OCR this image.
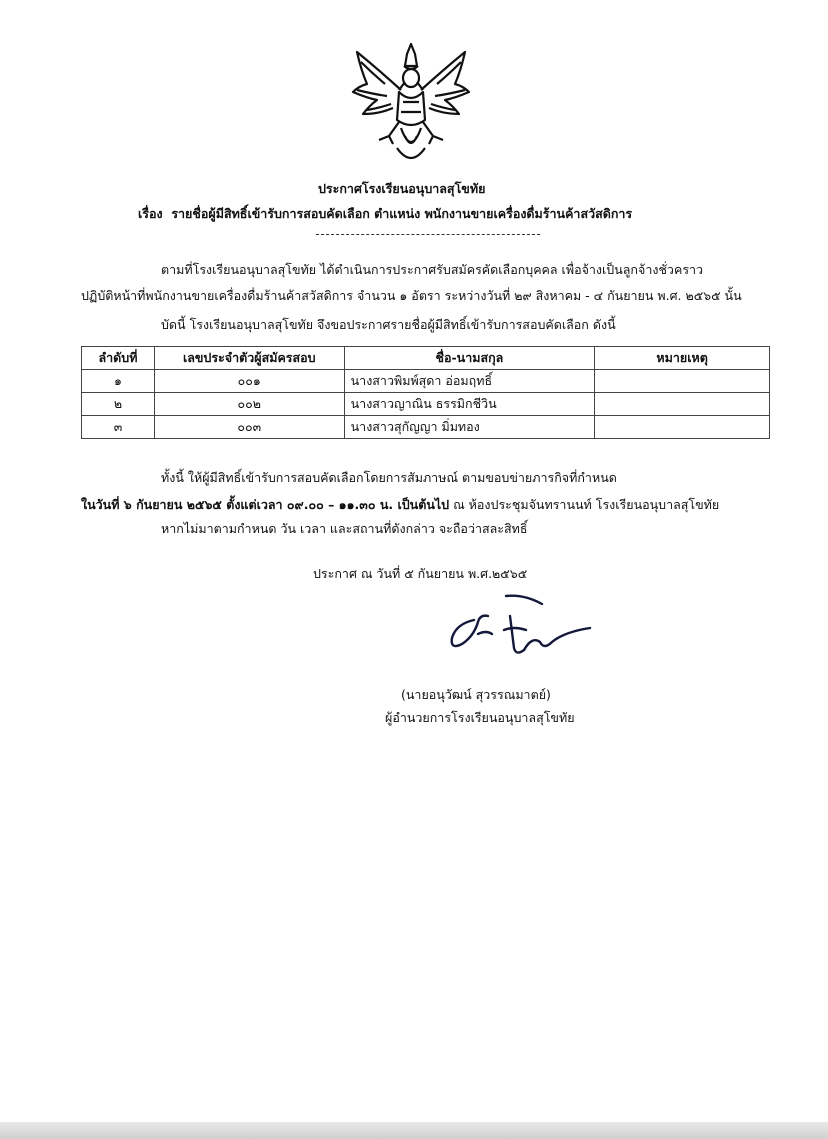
ประกาศโรงเรียนอนุบาลสุโขทัย
เรื่อง รายชื่อผู้มีสิทธิ์เข้ารับการสอบคัดเลือก ตำแหน่ง พนักงานขายเครื่องดื่มร้านค้าสวัสดิการ
ตามที่โรงเรียนอนุบาลสุโขทัย ได้ดำเนินการประกาศรับสมัครคัดเลือกบุคคล เพื่อจ้างเป็นลูกจ้างชั่วคราว
ปฏิบัติหน้าที่พนักงานขายเครื่องดื่มร้านค้าสวัสดิการ จำนวน ๑ อัตรา ระหว่างวันที่ ๒๙ สิงหาคม - ๔ กันยายน พ.ศ. ๒๕๖๕ นั้น
บัดนี้ โรงเรียนอนุบาลสุโขทัย จึงขอประกาศรายชื่อผู้มีสิทธิ์เข้ารับการสอบคัดเลือก ดังนี้
ลำดับที่	เลขประจำตัวผู้สมัครสอบ	ชื่อ-นามสกุล	หมายเหตุ
๑	๐๐๑	นางสาวพิมพ์สุดา อ่อมฤทธิ์	
๒	๐๐๒	นางสาวญาณิน ธรรมิกชีวิน	
๓	๐๐๓	นางสาวสุกัญญา มิ่มทอง	
ทั้งนี้ ให้ผู้มีสิทธิ์เข้ารับการสอบคัดเลือกโดยการสัมภาษณ์ ตามขอบข่ายภารกิจที่กำหนด
ในวันที่ ๖ กันยายน ๒๕๖๕ ตั้งแต่เวลา ๐๙.๐๐ – ๑๑.๓๐ น. เป็นต้นไป ณ ห้องประชุมจันทรานนท์ โรงเรียนอนุบาลสุโขทัย
หากไม่มาตามกำหนด วัน เวลา และสถานที่ดังกล่าว จะถือว่าสละสิทธิ์
ประกาศ ณ วันที่ ๕ กันยายน พ.ศ.๒๕๖๕
(นายอนุวัฒน์ สุวรรณมาตย์)
ผู้อำนวยการโรงเรียนอนุบาลสุโขทัย
